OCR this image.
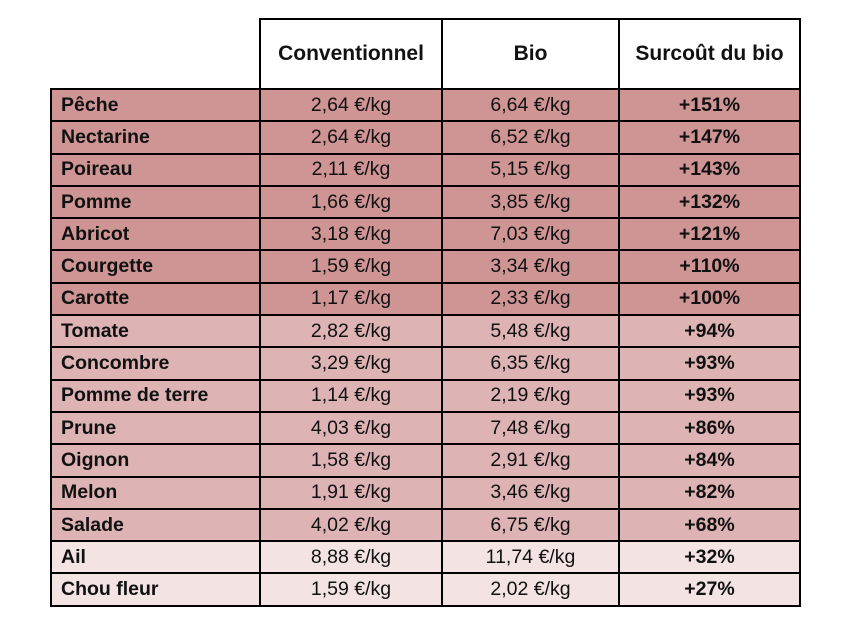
	Conventionnel	Bio	Surcoût du bio
Pêche	2,64 €/kg	6,64 €/kg	+151%
Nectarine	2,64 €/kg	6,52 €/kg	+147%
Poireau	2,11 €/kg	5,15 €/kg	+143%
Pomme	1,66 €/kg	3,85 €/kg	+132%
Abricot	3,18 €/kg	7,03 €/kg	+121%
Courgette	1,59 €/kg	3,34 €/kg	+110%
Carotte	1,17 €/kg	2,33 €/kg	+100%
Tomate	2,82 €/kg	5,48 €/kg	+94%
Concombre	3,29 €/kg	6,35 €/kg	+93%
Pomme de terre	1,14 €/kg	2,19 €/kg	+93%
Prune	4,03 €/kg	7,48 €/kg	+86%
Oignon	1,58 €/kg	2,91 €/kg	+84%
Melon	1,91 €/kg	3,46 €/kg	+82%
Salade	4,02 €/kg	6,75 €/kg	+68%
Ail	8,88 €/kg	11,74 €/kg	+32%
Chou fleur	1,59 €/kg	2,02 €/kg	+27%
